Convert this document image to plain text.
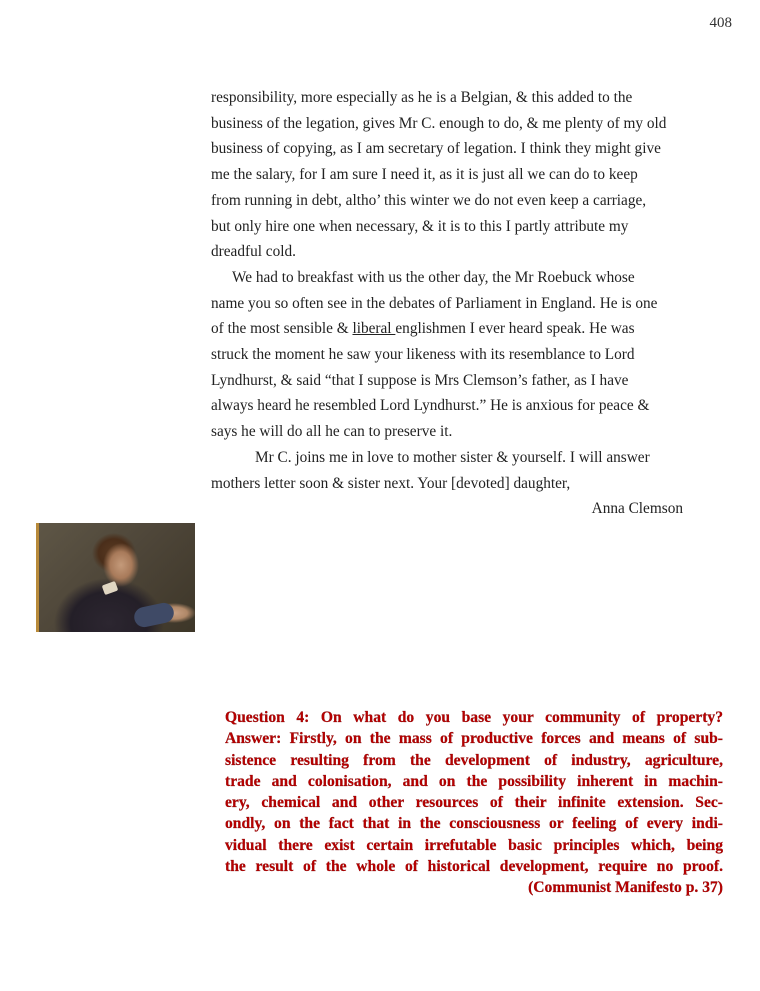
408
responsibility, more especially as he is a Belgian, & this added to the
business of the legation, gives Mr C. enough to do, & me plenty of my old
business of copying, as I am secretary of legation. I think they might give
me the salary, for I am sure I need it, as it is just all we can do to keep
from running in debt, altho’ this winter we do not even keep a carriage,
but only hire one when necessary, & it is to this I partly attribute my
dreadful cold.
We had to breakfast with us the other day, the Mr Roebuck whose
name you so often see in the debates of Parliament in England. He is one
of the most sensible & liberal englishmen I ever heard speak. He was
struck the moment he saw your likeness with its resemblance to Lord
Lyndhurst, & said “that I suppose is Mrs Clemson’s father, as I have
always heard he resembled Lord Lyndhurst.” He is anxious for peace &
says he will do all he can to preserve it.
Mr C. joins me in love to mother sister & yourself. I will answer
mothers letter soon & sister next. Your [devoted] daughter,
Anna Clemson
Question 4: On what do you base your community of property?
Answer: Firstly, on the mass of productive forces and means of sub-
sistence resulting from the development of industry, agriculture,
trade and colonisation, and on the possibility inherent in machin-
ery, chemical and other resources of their infinite extension. Sec-
ondly, on the fact that in the consciousness or feeling of every indi-
vidual there exist certain irrefutable basic principles which, being
the result of the whole of historical development, require no proof.
(Communist Manifesto p. 37)
